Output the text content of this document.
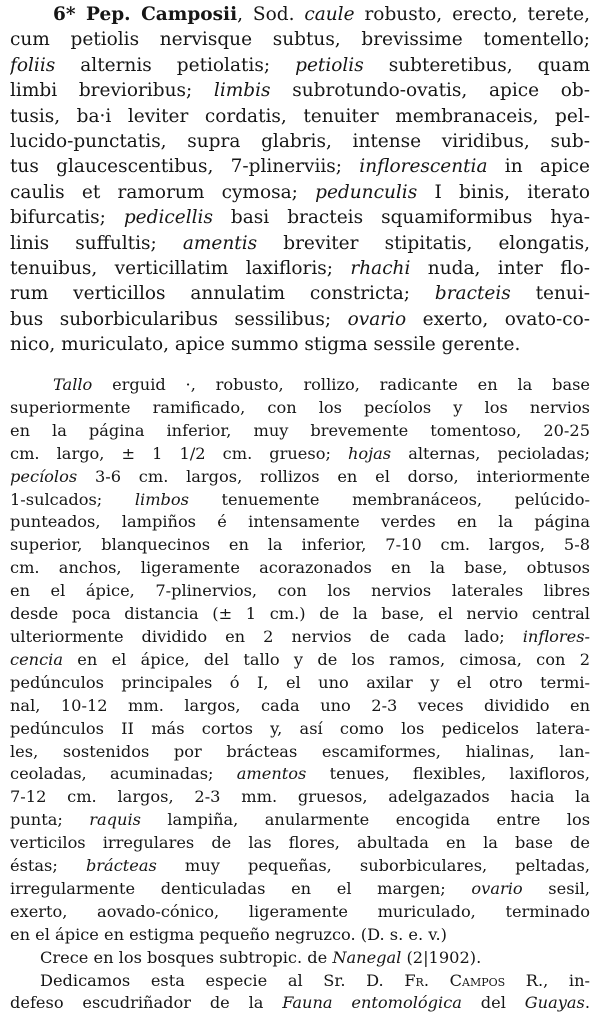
6* Pep. Camposii, Sod. caule robusto, erecto, terete,
cum petiolis nervisque subtus, brevissime tomentello;
foliis alternis petiolatis; petiolis subteretibus, quam
limbi brevioribus; limbis subrotundo-ovatis, apice ob-
tusis, ba·i leviter cordatis, tenuiter membranaceis, pel-
lucido-punctatis, supra glabris, intense viridibus, sub-
tus glaucescentibus, 7-plinerviis; inflorescentia in apice
caulis et ramorum cymosa; pedunculis I binis, iterato
bifurcatis; pedicellis basi bracteis squamiformibus hya-
linis suffultis; amentis breviter stipitatis, elongatis,
tenuibus, verticillatim laxifloris; rhachi nuda, inter flo-
rum verticillos annulatim constricta; bracteis tenui-
bus suborbicularibus sessilibus; ovario exerto, ovato-co-
nico, muriculato, apice summo stigma sessile gerente.
Tallo erguid ·, robusto, rollizo, radicante en la base
superiormente ramificado, con los pecíolos y los nervios
en la página inferior, muy brevemente tomentoso, 20-25
cm. largo, ± 1 1/2 cm. grueso; hojas alternas, pecioladas;
pecíolos 3-6 cm. largos, rollizos en el dorso, interiormente
1-sulcados; limbos tenuemente membranáceos, pelúcido-
punteados, lampiños é intensamente verdes en la página
superior, blanquecinos en la inferior, 7-10 cm. largos, 5-8
cm. anchos, ligeramente acorazonados en la base, obtusos
en el ápice, 7-plinervios, con los nervios laterales libres
desde poca distancia (± 1 cm.) de la base, el nervio central
ulteriormente dividido en 2 nervios de cada lado; inflores-
cencia en el ápice, del tallo y de los ramos, cimosa, con 2
pedúnculos principales ó I, el uno axilar y el otro termi-
nal, 10-12 mm. largos, cada uno 2-3 veces dividido en
pedúnculos II más cortos y, así como los pedicelos latera-
les, sostenidos por brácteas escamiformes, hialinas, lan-
ceoladas, acuminadas; amentos tenues, flexibles, laxifloros,
7-12 cm. largos, 2-3 mm. gruesos, adelgazados hacia la
punta; raquis lampiña, anularmente encogida entre los
verticilos irregulares de las flores, abultada en la base de
éstas; brácteas muy pequeñas, suborbiculares, peltadas,
irregularmente denticuladas en el margen; ovario sesil,
exerto, aovado-cónico, ligeramente muriculado, terminado
en el ápice en estigma pequeño negruzco. (D. s. e. v.)
Crece en los bosques subtropic. de Nanegal (2|1902).
Dedicamos esta especie al Sr. D. Fr. Campos R., in-
defeso escudriñador de la Fauna entomológica del Guayas.
